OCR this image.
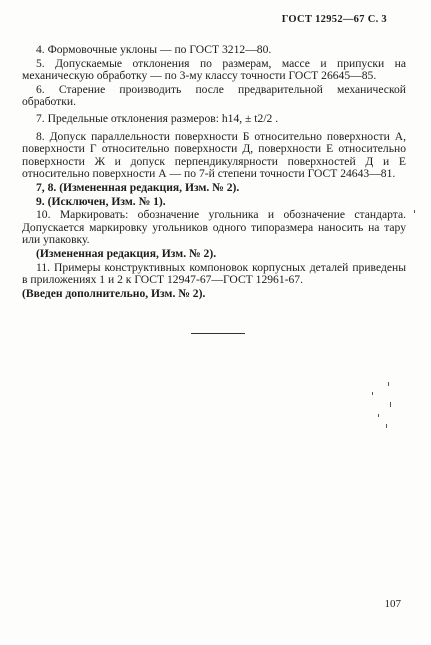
ГОСТ 12952—67 С. 3

4. Формовочные уклоны — по ГОСТ 3212—80.

5. Допускаемые отклонения по размерам, массе и припуски на механическую обработку — по 3-му классу точности ГОСТ 26645—85.

6. Старение производить после предварительной механической обработки.

7. Предельные отклонения размеров: h14, ± t2/2 .

8. Допуск параллельности поверхности Б относительно поверхности А, поверхности Г относительно поверхности Д, поверхности Е относительно поверхности Ж и допуск перпендикулярности поверхностей Д и Е относительно поверхности А — по 7-й степени точности ГОСТ 24643—81.

7, 8. (Измененная редакция, Изм. № 2).

9. (Исключен, Изм. № 1).

10. Маркировать: обозначение угольника и обозначение стандарта. Допускается маркировку угольников одного типоразмера наносить на тару или упаковку.

(Измененная редакция, Изм. № 2).

11. Примеры конструктивных компоновок корпусных деталей приведены в приложениях 1 и 2 к ГОСТ 12947-67—ГОСТ 12961-67.

(Введен дополнительно, Изм. № 2).

107
